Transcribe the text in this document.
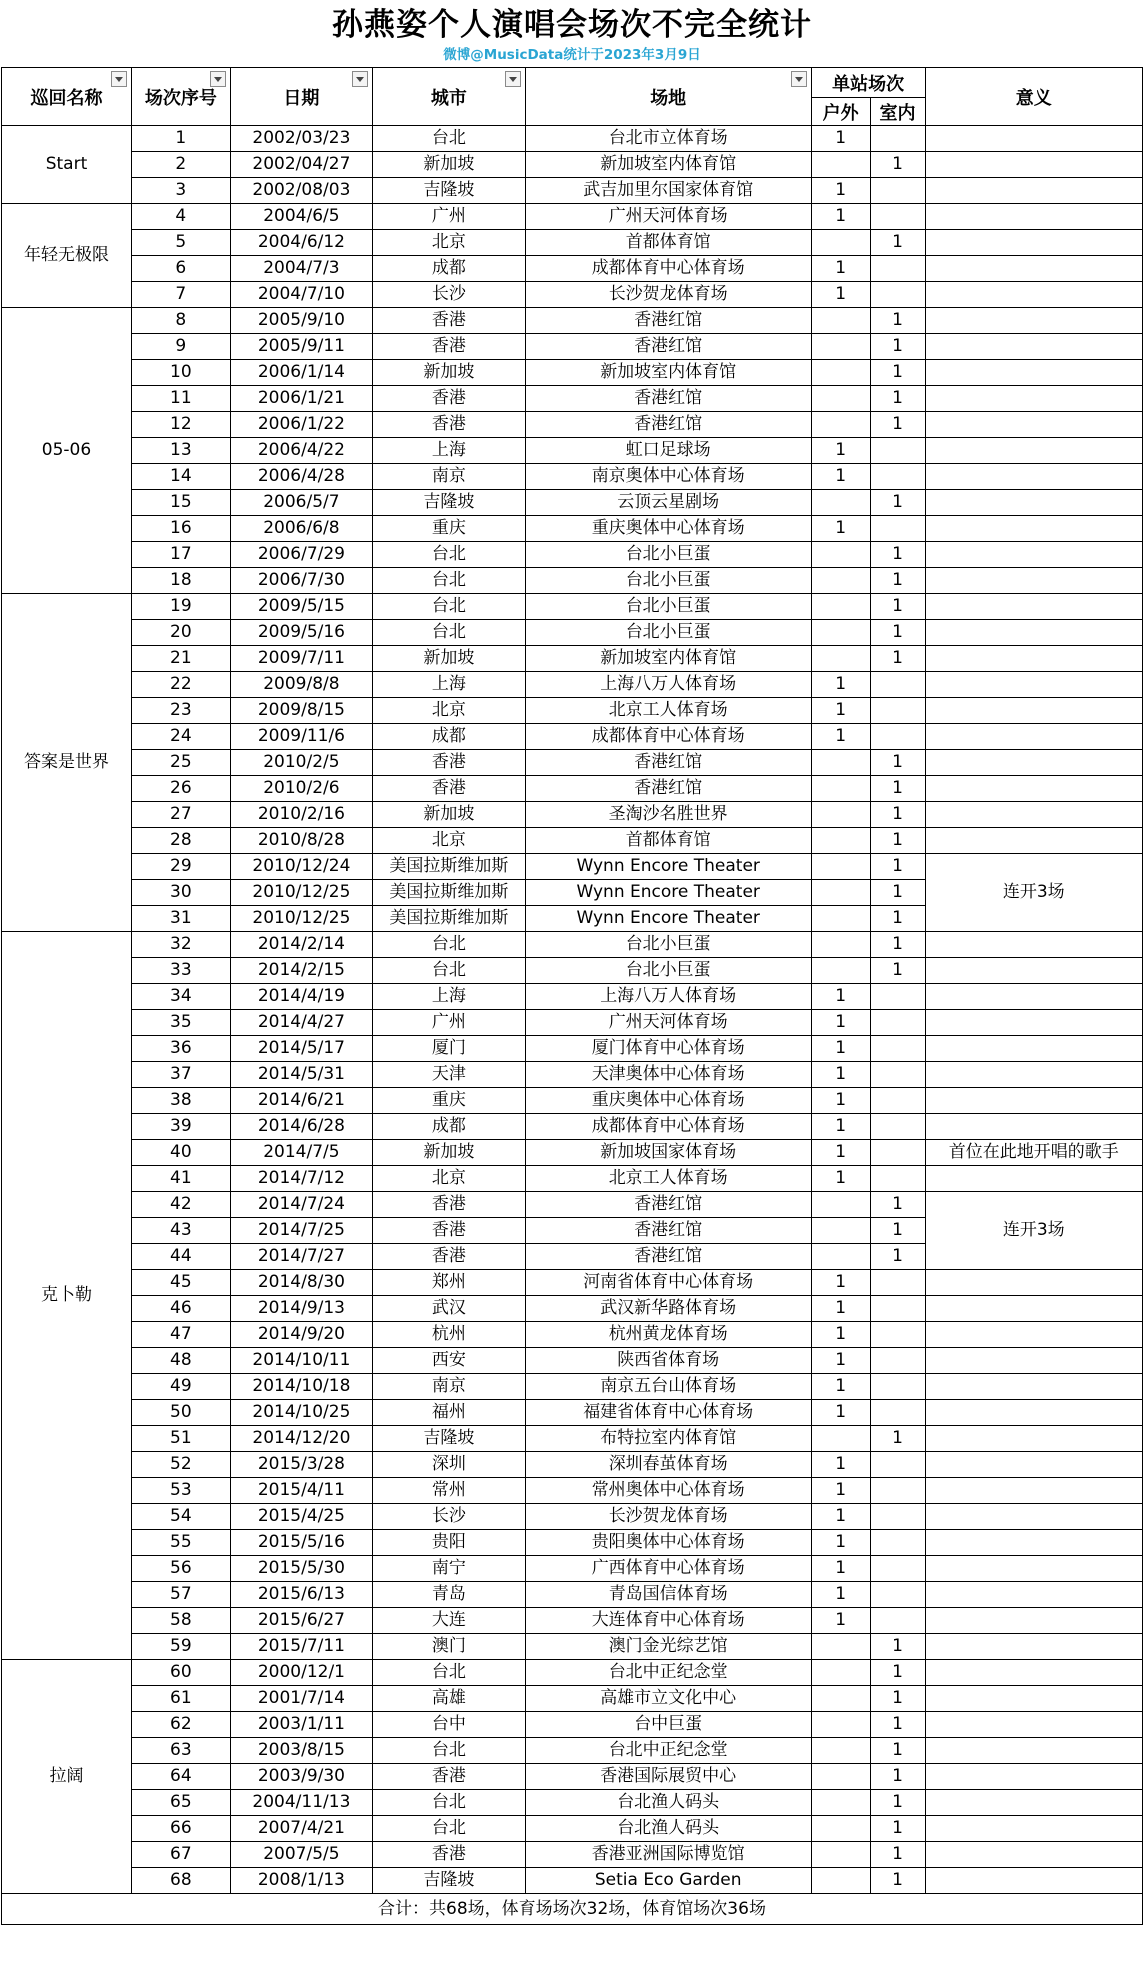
孙燕姿个人演唱会场次不完全统计
微博@MusicData统计于2023年3月9日
巡回名称	场次序号	日期	城市	场地	单站场次		意义
					户外	室内	
Start	1	2002/03/23	台北	台北市立体育场	1		
	2	2002/04/27	新加坡	新加坡室内体育馆		1	
	3	2002/08/03	吉隆坡	武吉加里尔国家体育馆	1		
年轻无极限	4	2004/6/5	广州	广州天河体育场	1		
	5	2004/6/12	北京	首都体育馆		1	
	6	2004/7/3	成都	成都体育中心体育场	1		
	7	2004/7/10	长沙	长沙贺龙体育场	1		
05-06	8	2005/9/10	香港	香港红馆		1	
	9	2005/9/11	香港	香港红馆		1	
	10	2006/1/14	新加坡	新加坡室内体育馆		1	
	11	2006/1/21	香港	香港红馆		1	
	12	2006/1/22	香港	香港红馆		1	
	13	2006/4/22	上海	虹口足球场	1		
	14	2006/4/28	南京	南京奥体中心体育场	1		
	15	2006/5/7	吉隆坡	云顶云星剧场		1	
	16	2006/6/8	重庆	重庆奥体中心体育场	1		
	17	2006/7/29	台北	台北小巨蛋		1	
	18	2006/7/30	台北	台北小巨蛋		1	
答案是世界	19	2009/5/15	台北	台北小巨蛋		1	
	20	2009/5/16	台北	台北小巨蛋		1	
	21	2009/7/11	新加坡	新加坡室内体育馆		1	
	22	2009/8/8	上海	上海八万人体育场	1		
	23	2009/8/15	北京	北京工人体育场	1		
	24	2009/11/6	成都	成都体育中心体育场	1		
	25	2010/2/5	香港	香港红馆		1	
	26	2010/2/6	香港	香港红馆		1	
	27	2010/2/16	新加坡	圣淘沙名胜世界		1	
	28	2010/8/28	北京	首都体育馆		1	
	29	2010/12/24	美国拉斯维加斯	Wynn Encore Theater		1	连开3场
	30	2010/12/25	美国拉斯维加斯	Wynn Encore Theater		1	
	31	2010/12/25	美国拉斯维加斯	Wynn Encore Theater		1	
克卜勒	32	2014/2/14	台北	台北小巨蛋		1	
	33	2014/2/15	台北	台北小巨蛋		1	
	34	2014/4/19	上海	上海八万人体育场	1		
	35	2014/4/27	广州	广州天河体育场	1		
	36	2014/5/17	厦门	厦门体育中心体育场	1		
	37	2014/5/31	天津	天津奥体中心体育场	1		
	38	2014/6/21	重庆	重庆奥体中心体育场	1		
	39	2014/6/28	成都	成都体育中心体育场	1		
	40	2014/7/5	新加坡	新加坡国家体育场	1		首位在此地开唱的歌手
	41	2014/7/12	北京	北京工人体育场	1		
	42	2014/7/24	香港	香港红馆		1	连开3场
	43	2014/7/25	香港	香港红馆		1	
	44	2014/7/27	香港	香港红馆		1	
	45	2014/8/30	郑州	河南省体育中心体育场	1		
	46	2014/9/13	武汉	武汉新华路体育场	1		
	47	2014/9/20	杭州	杭州黄龙体育场	1		
	48	2014/10/11	西安	陕西省体育场	1		
	49	2014/10/18	南京	南京五台山体育场	1		
	50	2014/10/25	福州	福建省体育中心体育场	1		
	51	2014/12/20	吉隆坡	布特拉室内体育馆		1	
	52	2015/3/28	深圳	深圳春茧体育场	1		
	53	2015/4/11	常州	常州奥体中心体育场	1		
	54	2015/4/25	长沙	长沙贺龙体育场	1		
	55	2015/5/16	贵阳	贵阳奥体中心体育场	1		
	56	2015/5/30	南宁	广西体育中心体育场	1		
	57	2015/6/13	青岛	青岛国信体育场	1		
	58	2015/6/27	大连	大连体育中心体育场	1		
	59	2015/7/11	澳门	澳门金光综艺馆		1	
拉阔	60	2000/12/1	台北	台北中正纪念堂		1	
	61	2001/7/14	高雄	高雄市立文化中心		1	
	62	2003/1/11	台中	台中巨蛋		1	
	63	2003/8/15	台北	台北中正纪念堂		1	
	64	2003/9/30	香港	香港国际展贸中心		1	
	65	2004/11/13	台北	台北渔人码头		1	
	66	2007/4/21	台北	台北渔人码头		1	
	67	2007/5/5	香港	香港亚洲国际博览馆		1	
	68	2008/1/13	吉隆坡	Setia Eco Garden		1	
合计：共68场，体育场场次32场，体育馆场次36场							
